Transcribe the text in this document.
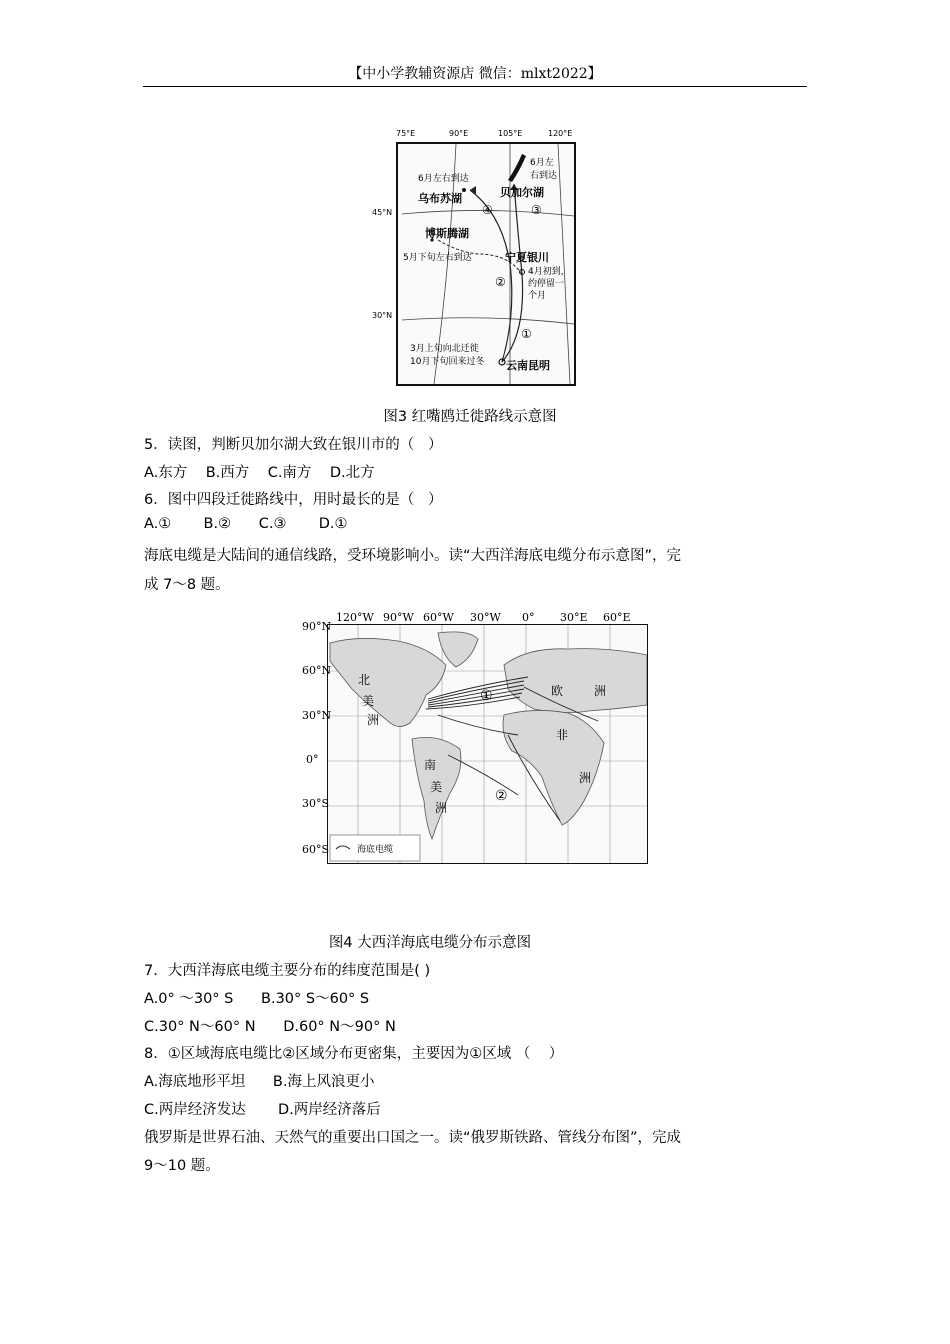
【中小学教辅资源店 微信：mlxt2022】
75°E	90°E	105°E	120°E
45°N
30°N
6月左右到达
乌布苏湖
6月左
右到达
贝加尔湖
④	③
博斯腾湖
5月下旬左右到达	宁夏银川
4月初到，
约停留一
个月
②
①
3月上旬向北迁徙
10月下旬回来过冬 云南昆明
图3 红嘴鸥迁徙路线示意图
5．读图，判断贝加尔湖大致在银川市的（   ）
A.东方    B.西方    C.南方    D.北方
6．图中四段迁徙路线中，用时最长的是（   ）
A.①       B.②      C.③       D.①
海底电缆是大陆间的通信线路，受环境影响小。读“大西洋海底电缆分布示意图”，完
成 7～8 题。
120°W 90°W 60°W 30°W 0° 30°E 60°E
90°N
60°N
30°N
0°
30°S
60°S
北
美
洲
南
美
洲
欧	洲
非
洲
①
②
海底电缆
图4 大西洋海底电缆分布示意图
7．大西洋海底电缆主要分布的纬度范围是( )
A.0° ～30° S      B.30° S～60° S
C.30° N～60° N      D.60° N～90° N
8．①区域海底电缆比②区域分布更密集，主要因为①区域 （    ）
A.海底地形平坦      B.海上风浪更小
C.两岸经济发达       D.两岸经济落后
俄罗斯是世界石油、天然气的重要出口国之一。读“俄罗斯铁路、管线分布图”，完成
9～10 题。
